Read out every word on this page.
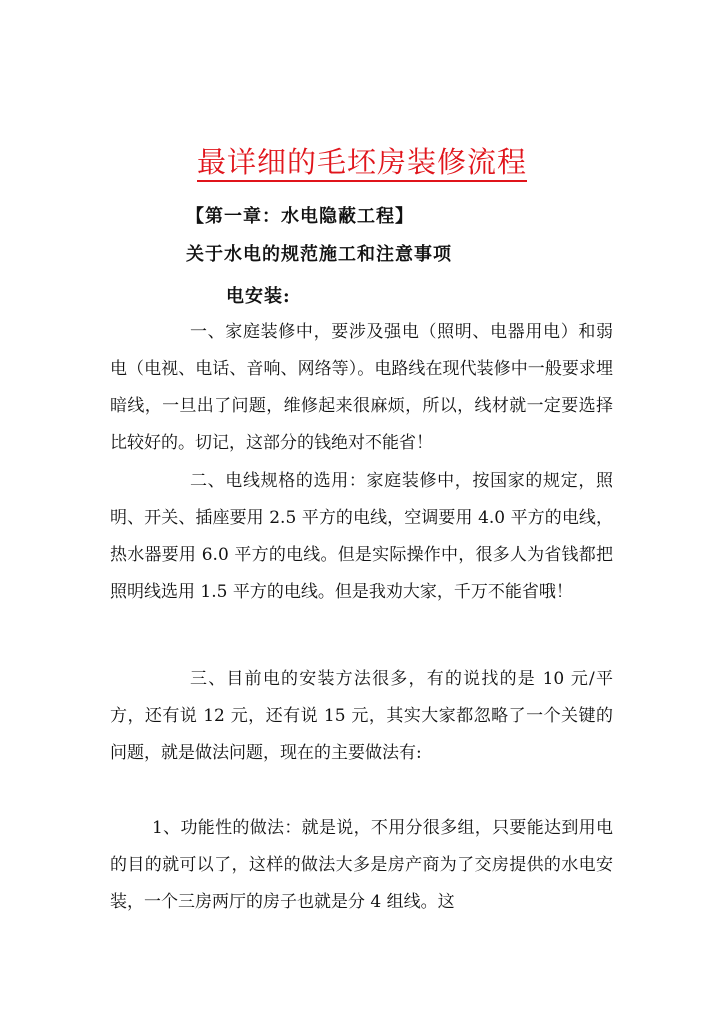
最详细的毛坯房装修流程
【第一章：水电隐蔽工程】
关于水电的规范施工和注意事项
电安装:

一、家庭装修中，要涉及强电（照明、电器用电）和弱电（电视、电话、音响、网络等）。电路线在现代装修中一般要求埋暗线，一旦出了问题，维修起来很麻烦，所以，线材就一定要选择比较好的。切记，这部分的钱绝对不能省！

二、电线规格的选用：家庭装修中，按国家的规定，照明、开关、插座要用 2.5 平方的电线，空调要用 4.0 平方的电线，热水器要用 6.0 平方的电线。但是实际操作中，很多人为省钱都把照明线选用 1.5 平方的电线。但是我劝大家，千万不能省哦！

三、目前电的安装方法很多，有的说找的是 10 元/平方，还有说 12 元，还有说 15 元，其实大家都忽略了一个关键的问题，就是做法问题，现在的主要做法有:

1、功能性的做法：就是说，不用分很多组，只要能达到用电的目的就可以了，这样的做法大多是房产商为了交房提供的水电安装，一个三房两厅的房子也就是分 4 组线。这
